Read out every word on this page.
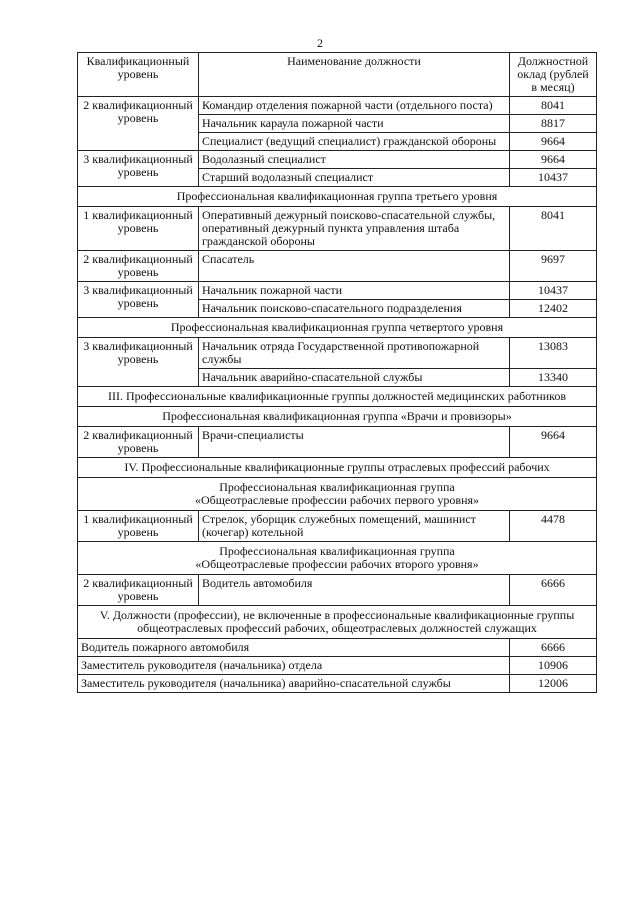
2
Квалификационный уровень	Наименование должности	Должностной оклад (рублей в месяц)
2 квалификационный уровень	Командир отделения пожарной части (отдельного поста)	8041
	Начальник караула пожарной части	8817
	Специалист (ведущий специалист) гражданской обороны	9664
3 квалификационный уровень	Водолазный специалист	9664
	Старший водолазный специалист	10437
Профессиональная квалификационная группа третьего уровня		
1 квалификационный уровень	Оперативный дежурный поисково-спасательной службы, оперативный дежурный пункта управления штаба гражданской обороны	8041
2 квалификационный уровень	Спасатель	9697
3 квалификационный уровень	Начальник пожарной части	10437
	Начальник поисково-спасательного подразделения	12402
Профессиональная квалификационная группа четвертого уровня		
3 квалификационный уровень	Начальник отряда Государственной противопожарной службы	13083
	Начальник аварийно-спасательной службы	13340
III. Профессиональные квалификационные группы должностей медицинских работников		
Профессиональная квалификационная группа «Врачи и провизоры»		
2 квалификационный уровень	Врачи-специалисты	9664
IV. Профессиональные квалификационные группы отраслевых профессий рабочих		

Профессиональная квалификационная группа
«Общеотраслевые профессии рабочих первого уровня»		

1 квалификационный уровень	Стрелок, уборщик служебных помещений, машинист (кочегар) котельной	4478

Профессиональная квалификационная группа
«Общеотраслевые профессии рабочих второго уровня»		

2 квалификационный уровень	Водитель автомобиля	6666
V. Должности (профессии), не включенные в профессиональные квалификационные группы общеотраслевых профессий рабочих, общеотраслевых должностей служащих		
Водитель пожарного автомобиля		6666
Заместитель руководителя (начальника) отдела		10906
Заместитель руководителя (начальника) аварийно-спасательной службы		12006
